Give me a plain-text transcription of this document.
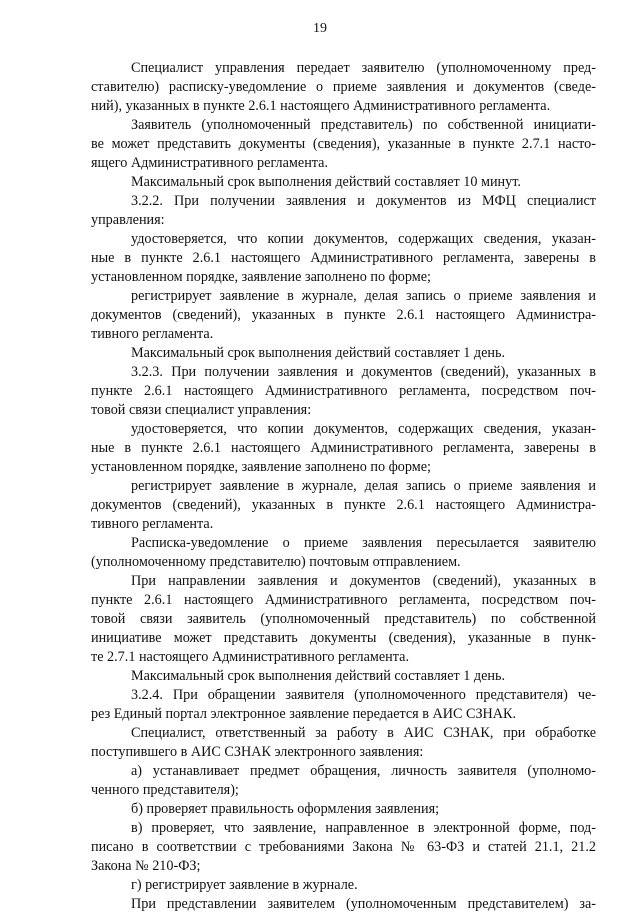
19
Специалист управления передает заявителю (уполномоченному пред-
ставителю) расписку-уведомление о приеме заявления и документов (сведе-
ний), указанных в пункте 2.6.1 настоящего Административного регламента.
Заявитель (уполномоченный представитель) по собственной инициати-
ве может представить документы (сведения), указанные в пункте 2.7.1 насто-
ящего Административного регламента.
Максимальный срок выполнения действий составляет 10 минут.
3.2.2. При получении заявления и документов из МФЦ специалист
управления:
удостоверяется, что копии документов, содержащих сведения, указан-
ные в пункте 2.6.1 настоящего Административного регламента, заверены в
установленном порядке, заявление заполнено по форме;
регистрирует заявление в журнале, делая запись о приеме заявления и
документов (сведений), указанных в пункте 2.6.1 настоящего Администра-
тивного регламента.
Максимальный срок выполнения действий составляет 1 день.
3.2.3. При получении заявления и документов (сведений), указанных в
пункте 2.6.1 настоящего Административного регламента, посредством поч-
товой связи специалист управления:
удостоверяется, что копии документов, содержащих сведения, указан-
ные в пункте 2.6.1 настоящего Административного регламента, заверены в
установленном порядке, заявление заполнено по форме;
регистрирует заявление в журнале, делая запись о приеме заявления и
документов (сведений), указанных в пункте 2.6.1 настоящего Администра-
тивного регламента.
Расписка-уведомление о приеме заявления пересылается заявителю
(уполномоченному представителю) почтовым отправлением.
При направлении заявления и документов (сведений), указанных в
пункте 2.6.1 настоящего Административного регламента, посредством поч-
товой связи заявитель (уполномоченный представитель) по собственной
инициативе может представить документы (сведения), указанные в пунк-
те 2.7.1 настоящего Административного регламента.
Максимальный срок выполнения действий составляет 1 день.
3.2.4. При обращении заявителя (уполномоченного представителя) че-
рез Единый портал электронное заявление передается в АИС СЗНАК.
Специалист, ответственный за работу в АИС СЗНАК, при обработке
поступившего в АИС СЗНАК электронного заявления:
а) устанавливает предмет обращения, личность заявителя (уполномо-
ченного представителя);
б) проверяет правильность оформления заявления;
в) проверяет, что заявление, направленное в электронной форме, под-
писано в соответствии с требованиями Закона № 63-ФЗ и статей 21.1, 21.2
Закона № 210-ФЗ;
г) регистрирует заявление в журнале.
При представлении заявителем (уполномоченным представителем) за-
